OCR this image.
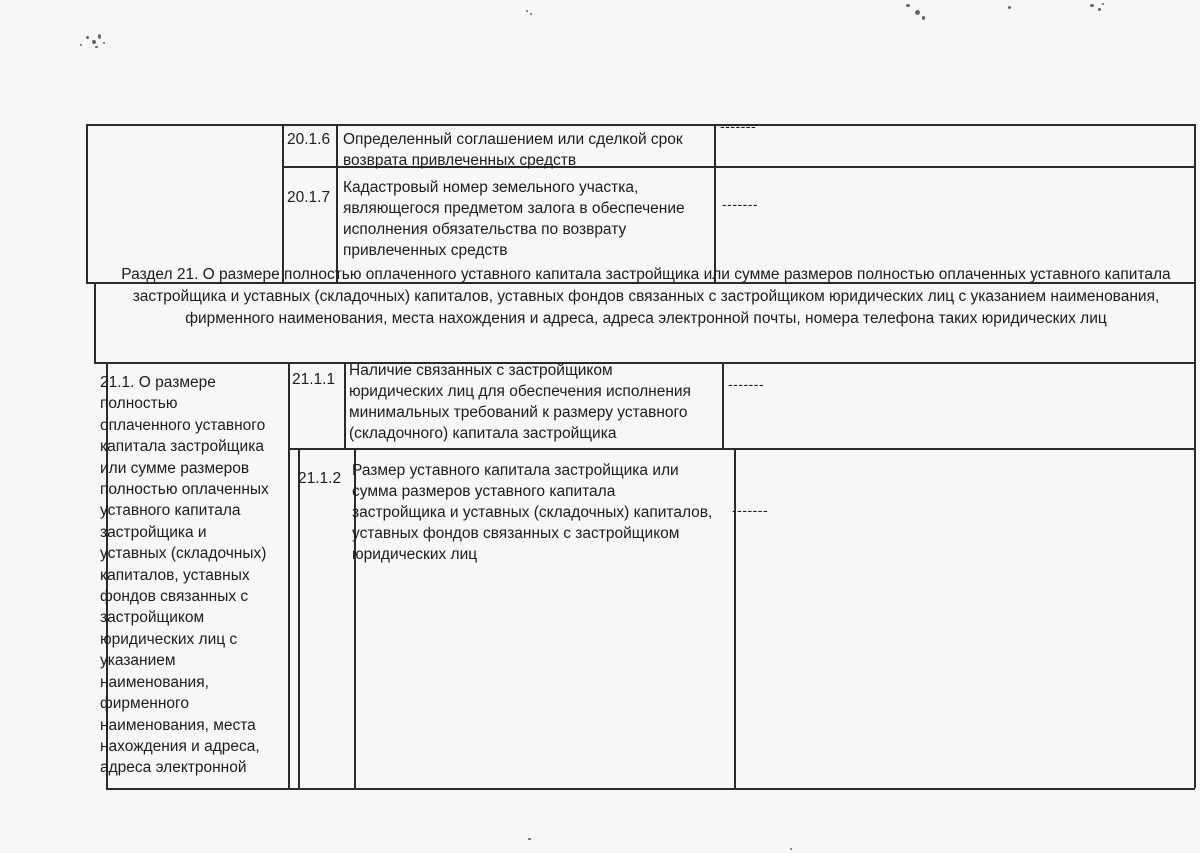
20.1.6 Определенный соглашением или сделкой срок
возврата привлеченных средств
-------
20.1.7
Кадастровый номер земельного участка,
являющегося предметом залога в обеспечение
исполнения обязательства по возврату
привлеченных средств
-------
Раздел 21. О размере полностью оплаченного уставного капитала застройщика или сумме размеров полностью оплаченных уставного капитала застройщика и уставных (складочных) капиталов, уставных фондов связанных с застройщиком юридических лиц с указанием наименования, фирменного наименования, места нахождения и адреса, адреса электронной почты, номера телефона таких юридических лиц
21.1. О размере
полностью
оплаченного уставного
капитала застройщика
или сумме размеров
полностью оплаченных
уставного капитала
застройщика и
уставных (складочных)
капиталов, уставных
фондов связанных с
застройщиком
юридических лиц с
указанием
наименования,
фирменного
наименования, места
нахождения и адреса,
адреса электронной
21.1.1
Наличие связанных с застройщиком
юридических лиц для обеспечения исполнения
минимальных требований к размеру уставного
(складочного) капитала застройщика
-------
21.1.2 Размер уставного капитала застройщика или
сумма размеров уставного капитала
застройщика и уставных (складочных) капиталов,
уставных фондов связанных с застройщиком
юридических лиц
-------
